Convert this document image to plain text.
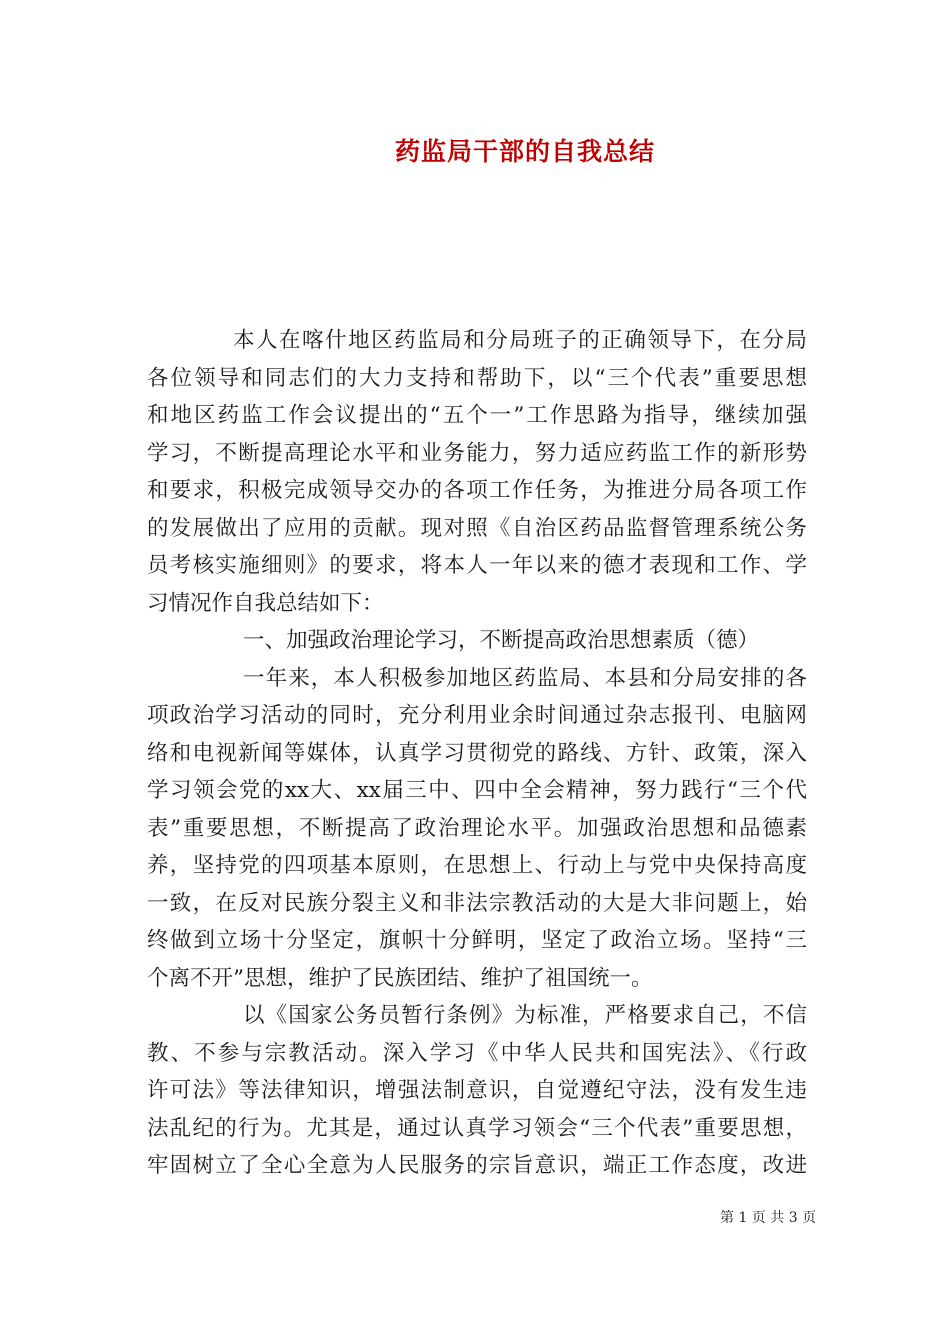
药监局干部的自我总结
本人在喀什地区药监局和分局班子的正确领导下，在分局
各位领导和同志们的大力支持和帮助下，以“三个代表”重要思想
和地区药监工作会议提出的“五个一”工作思路为指导，继续加强
学习，不断提高理论水平和业务能力，努力适应药监工作的新形势
和要求，积极完成领导交办的各项工作任务，为推进分局各项工作
的发展做出了应用的贡献。现对照《自治区药品监督管理系统公务
员考核实施细则》的要求，将本人一年以来的德才表现和工作、学
习情况作自我总结如下：
一、加强政治理论学习，不断提高政治思想素质（德）
一年来，本人积极参加地区药监局、本县和分局安排的各
项政治学习活动的同时，充分利用业余时间通过杂志报刊、电脑网
络和电视新闻等媒体，认真学习贯彻党的路线、方针、政策，深入
学习领会党的xx大、xx届三中、四中全会精神，努力践行“三个代
表”重要思想，不断提高了政治理论水平。加强政治思想和品德素
养，坚持党的四项基本原则，在思想上、行动上与党中央保持高度
一致，在反对民族分裂主义和非法宗教活动的大是大非问题上，始
终做到立场十分坚定，旗帜十分鲜明，坚定了政治立场。坚持“三
个离不开”思想，维护了民族团结、维护了祖国统一。
以《国家公务员暂行条例》为标准，严格要求自己，不信
教、不参与宗教活动。深入学习《中华人民共和国宪法》、《行政
许可法》等法律知识，增强法制意识，自觉遵纪守法，没有发生违
法乱纪的行为。尤其是，通过认真学习领会“三个代表”重要思想，
牢固树立了全心全意为人民服务的宗旨意识，端正工作态度，改进
第 1 页 共 3 页
